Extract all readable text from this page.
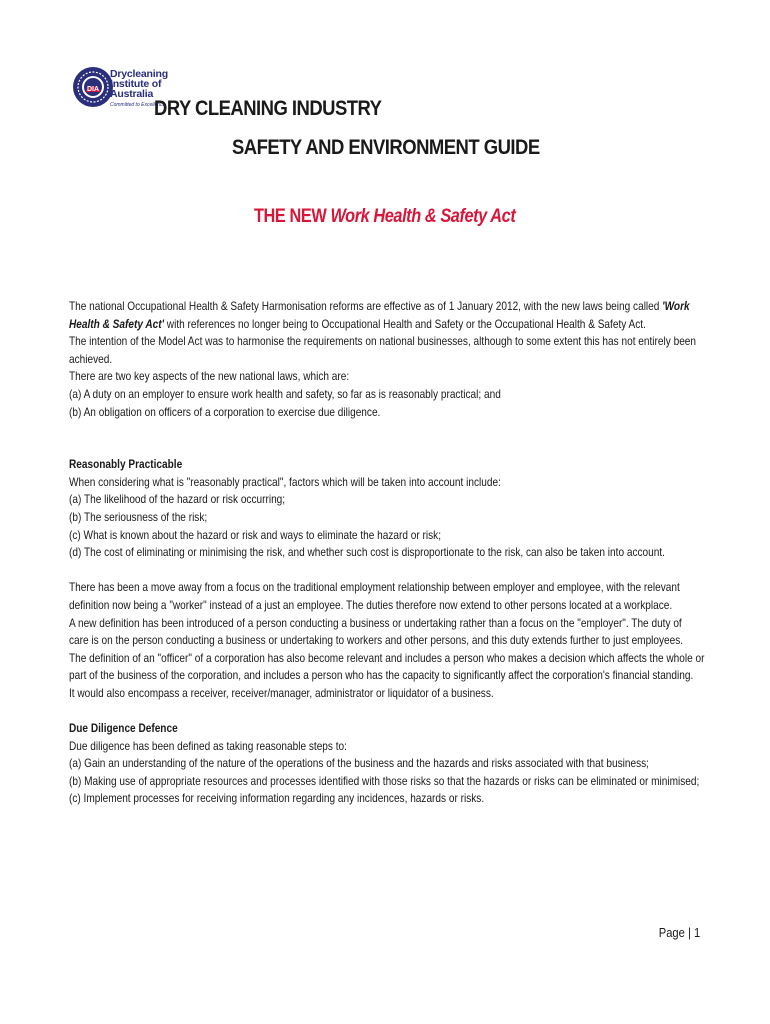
DIA
Drycleaning
Institute of
Australia
Committed to Excellence
DRY CLEANING INDUSTRY
SAFETY AND ENVIRONMENT GUIDE
THE NEW Work Health & Safety Act
The national Occupational Health & Safety Harmonisation reforms are effective as of 1 January 2012, with the new laws being called 'Work
Health & Safety Act' with references no longer being to Occupational Health and Safety or the Occupational Health & Safety Act.
The intention of the Model Act was to harmonise the requirements on national businesses, although to some extent this has not entirely been
achieved.
There are two key aspects of the new national laws, which are:
(a) A duty on an employer to ensure work health and safety, so far as is reasonably practical; and
(b) An obligation on officers of a corporation to exercise due diligence.
Reasonably Practicable
When considering what is "reasonably practical", factors which will be taken into account include:
(a) The likelihood of the hazard or risk occurring;
(b) The seriousness of the risk;
(c) What is known about the hazard or risk and ways to eliminate the hazard or risk;
(d) The cost of eliminating or minimising the risk, and whether such cost is disproportionate to the risk, can also be taken into account.
There has been a move away from a focus on the traditional employment relationship between employer and employee, with the relevant
definition now being a "worker" instead of a just an employee. The duties therefore now extend to other persons located at a workplace.
A new definition has been introduced of a person conducting a business or undertaking rather than a focus on the "employer". The duty of
care is on the person conducting a business or undertaking to workers and other persons, and this duty extends further to just employees.
The definition of an "officer" of a corporation has also become relevant and includes a person who makes a decision which affects the whole or
part of the business of the corporation, and includes a person who has the capacity to significantly affect the corporation's financial standing.
It would also encompass a receiver, receiver/manager, administrator or liquidator of a business.
Due Diligence Defence
Due diligence has been defined as taking reasonable steps to:
(a) Gain an understanding of the nature of the operations of the business and the hazards and risks associated with that business;
(b) Making use of appropriate resources and processes identified with those risks so that the hazards or risks can be eliminated or minimised;
(c) Implement processes for receiving information regarding any incidences, hazards or risks.
Page | 1
